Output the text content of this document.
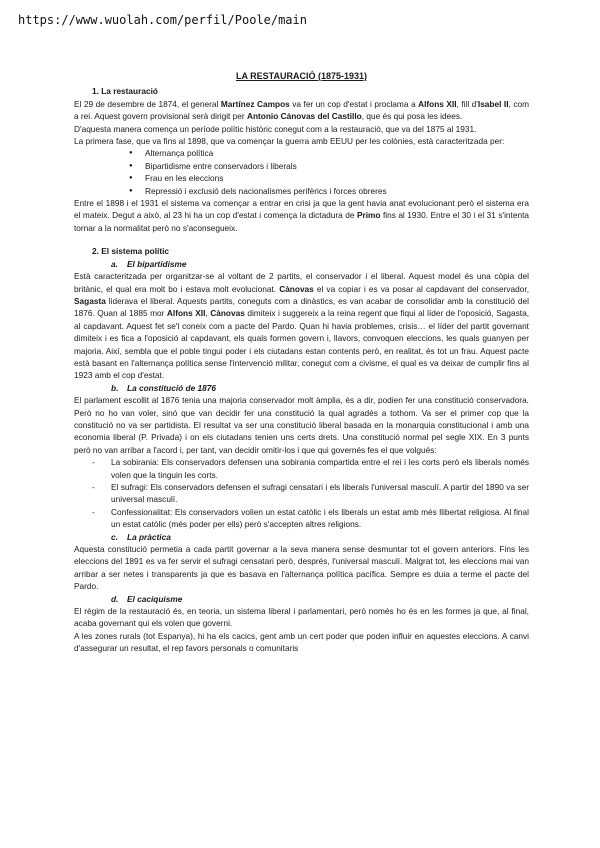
https://www.wuolah.com/perfil/Poole/main
LA RESTAURACIÓ (1875-1931)
1. La restauració

El 29 de desembre de 1874, el general Martínez Campos va fer un cop d'estat i proclama a Alfons XII, fill d'Isabel II, com a rei. Aquest govern provisional serà dirigit per Antonio Cánovas del Castillo, que és qui posa les idees.

D'aquesta manera comença un període polític històric conegut com a la restauració, que va del 1875 al 1931.

La primera fase, que va fins al 1898, que va començar la guerra amb EEUU per les colònies, està caracteritzada per:

● Alternança política
● Bipartidisme entre conservadors i liberals
● Frau en les eleccions
● Repressió i exclusió dels nacionalismes perifèrics i forces obreres

Entre el 1898 i el 1931 el sistema va començar a entrar en crisi ja que la gent havia anat evolucionant però el sistema era el mateix. Degut a això, al 23 hi ha un cop d'estat i comença la dictadura de Primo fins al 1930. Entre el 30 i el 31 s'intenta tornar a la normalitat però no s'aconsegueix.

2. El sistema polític
a. El bipartidisme

Està caracteritzada per organitzar-se al voltant de 2 partits, el conservador i el liberal. Aquest model és una còpia del britànic, el qual era molt bo i estava molt evolucionat. Cànovas el va copiar i es va posar al capdavant del conservador, Sagasta liderava el liberal. Aquests partits, coneguts com a dinàstics, es van acabar de consolidar amb la constitució del 1876. Quan al 1885 mor Alfons XII, Cànovas dimiteix i suggereix a la reina regent que fiqui al líder de l'oposició, Sagasta, al capdavant. Aquest fet se'l coneix com a pacte del Pardo. Quan hi havia problemes, crisis… el líder del partit governant dimiteix i es fica a l'oposició al capdavant, els quals formen govern i, llavors, convoquen eleccions, les quals guanyen per majoria. Així, sembla que el poble tingui poder i els ciutadans estan contents però, en realitat, és tot un frau. Aquest pacte està basant en l'alternança política sense l'intervenció militar, conegut com a civisme, el qual es va deixar de cumplir fins al 1923 amb el cop d'estat.

b. La constitució de 1876

El parlament escollit al 1876 tenia una majoria conservador molt àmplia, és a dir, podien fer una constitució conservadora. Però no ho van voler, sinó que van decidir fer una constitució la qual agradés a tothom. Va ser el primer cop que la constitució no va ser partidista. El resultat va ser una constitució liberal basada en la monarquia constitucional i amb una economia liberal (P. Privada) i on els ciutadans tenien uns certs drets. Una constitució normal pel segle XIX. En 3 punts però no van arribar a l'acord i, per tant, van decidir omitir-los i que qui governés fes el que volgués:

- La sobirania: Els conservadors defensen una sobirania compartida entre el rei i les corts però els liberals només volen que la tinguin les corts.
- El sufragi: Els conservadors defensen el sufragi censatari i els liberals l'universal masculí. A partir del 1890 va ser universal masculí.
- Confessionalitat: Els conservadors volien un estat catòlic i els liberals un estat amb més llibertat religiosa. Al final un estat catòlic (més poder per ells) però s'accepten altres religions.
c. La pràctica

Aquesta constitució permetia a cada partit governar a la seva manera sense desmuntar tot el govern anteriors. Fins les eleccions del 1891 es va fer servir el sufragi censatari però, després, l'universal masculí. Malgrat tot, les eleccions mai van arribar a ser netes i transparents ja que es basava en l'alternança política pacífica. Sempre es duia a terme el pacte del Pardo.

d. El caciquisme

El règim de la restauració és, en teoria, un sistema liberal i parlamentari, però només ho és en les formes ja que, al final, acaba governant qui els volen que governi.

A les zones rurals (tot Espanya), hi ha els cacics, gent amb un cert poder que poden influir en aquestes eleccions. A canvi d'assegurar un resultat, el rep favors personals o comunitaris
